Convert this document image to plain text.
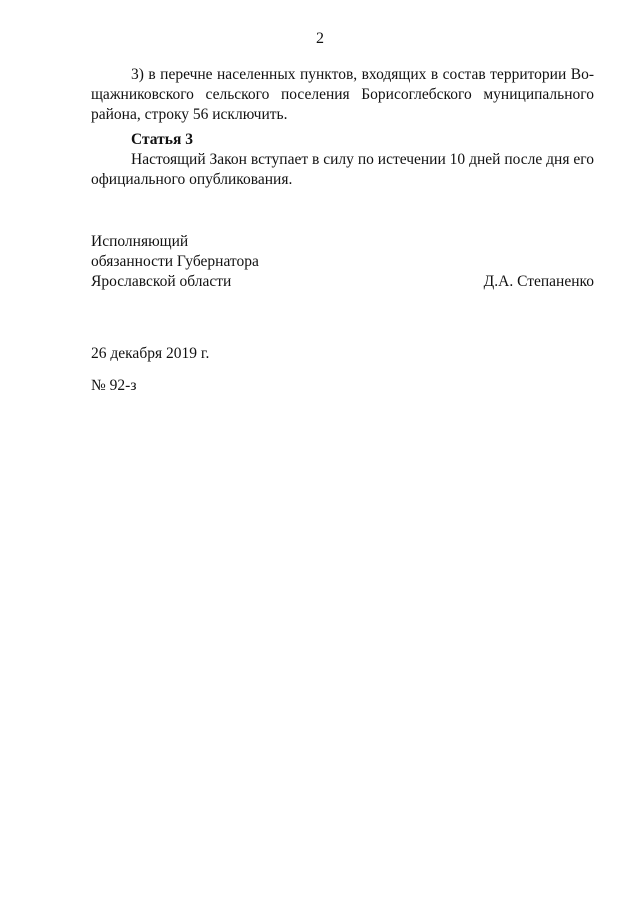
2
3) в перечне населенных пунктов, входящих в состав территории Во-
щажниковского сельского поселения Борисоглебского муниципального
района, строку 56 исключить.
Статья 3
Настоящий Закон вступает в силу по истечении 10 дней после дня его
официального опубликования.
Исполняющий
обязанности Губернатора
Ярославской области	Д.А. Степаненко
26 декабря 2019 г.
№ 92-з
